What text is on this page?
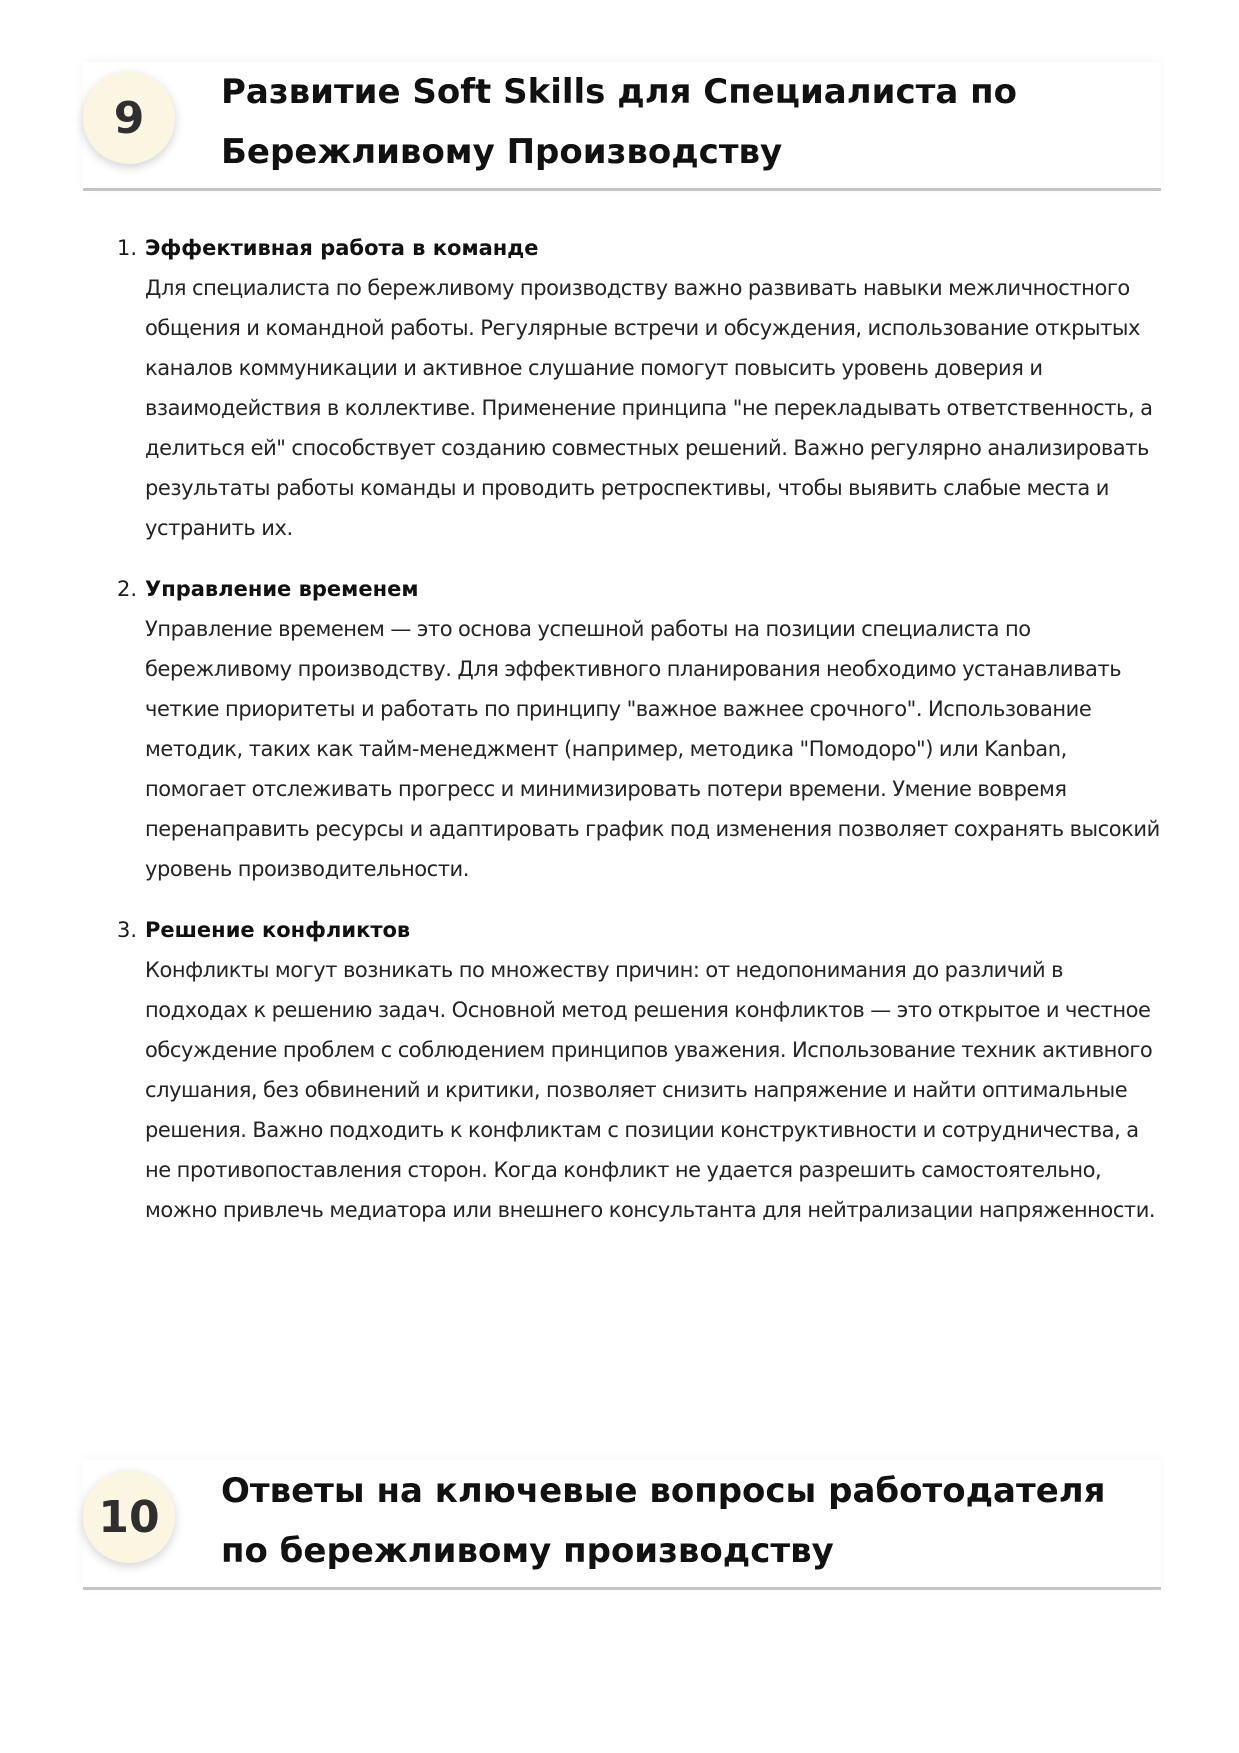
9
Развитие Soft Skills для Специалиста по Бережливому Производству
1. Эффективная работа в команде

Для специалиста по бережливому производству важно развивать навыки межличностного общения и командной работы. Регулярные встречи и обсуждения, использование открытых каналов коммуникации и активное слушание помогут повысить уровень доверия и взаимодействия в коллективе. Применение принципа "не перекладывать ответственность, а делиться ей" способствует созданию совместных решений. Важно регулярно анализировать результаты работы команды и проводить ретроспективы, чтобы выявить слабые места и устранить их.

2. Управление временем

Управление временем — это основа успешной работы на позиции специалиста по бережливому производству. Для эффективного планирования необходимо устанавливать четкие приоритеты и работать по принципу "важное важнее срочного". Использование методик, таких как тайм-менеджмент (например, методика "Помодоро") или Kanban, помогает отслеживать прогресс и минимизировать потери времени. Умение вовремя перенаправить ресурсы и адаптировать график под изменения позволяет сохранять высокий уровень производительности.

3. Решение конфликтов

Конфликты могут возникать по множеству причин: от недопонимания до различий в подходах к решению задач. Основной метод решения конфликтов — это открытое и честное обсуждение проблем с соблюдением принципов уважения. Использование техник активного слушания, без обвинений и критики, позволяет снизить напряжение и найти оптимальные решения. Важно подходить к конфликтам с позиции конструктивности и сотрудничества, а не противопоставления сторон. Когда конфликт не удается разрешить самостоятельно, можно привлечь медиатора или внешнего консультанта для нейтрализации напряженности.

10
Ответы на ключевые вопросы работодателя по бережливому производству
